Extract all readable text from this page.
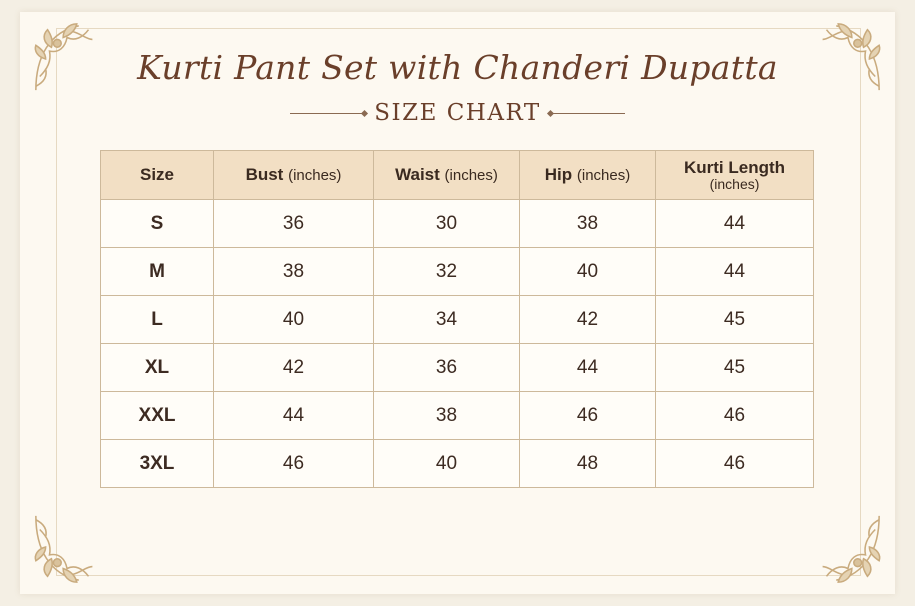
Kurti Pant Set with Chanderi Dupatta
SIZE CHART
Size	Bust (inches)	Waist (inches)	Hip (inches)	Kurti Length
(inches)

S	36	30	38	44
M	38	32	40	44
L	40	34	42	45
XL	42	36	44	45
XXL	44	38	46	46
3XL	46	40	48	46
